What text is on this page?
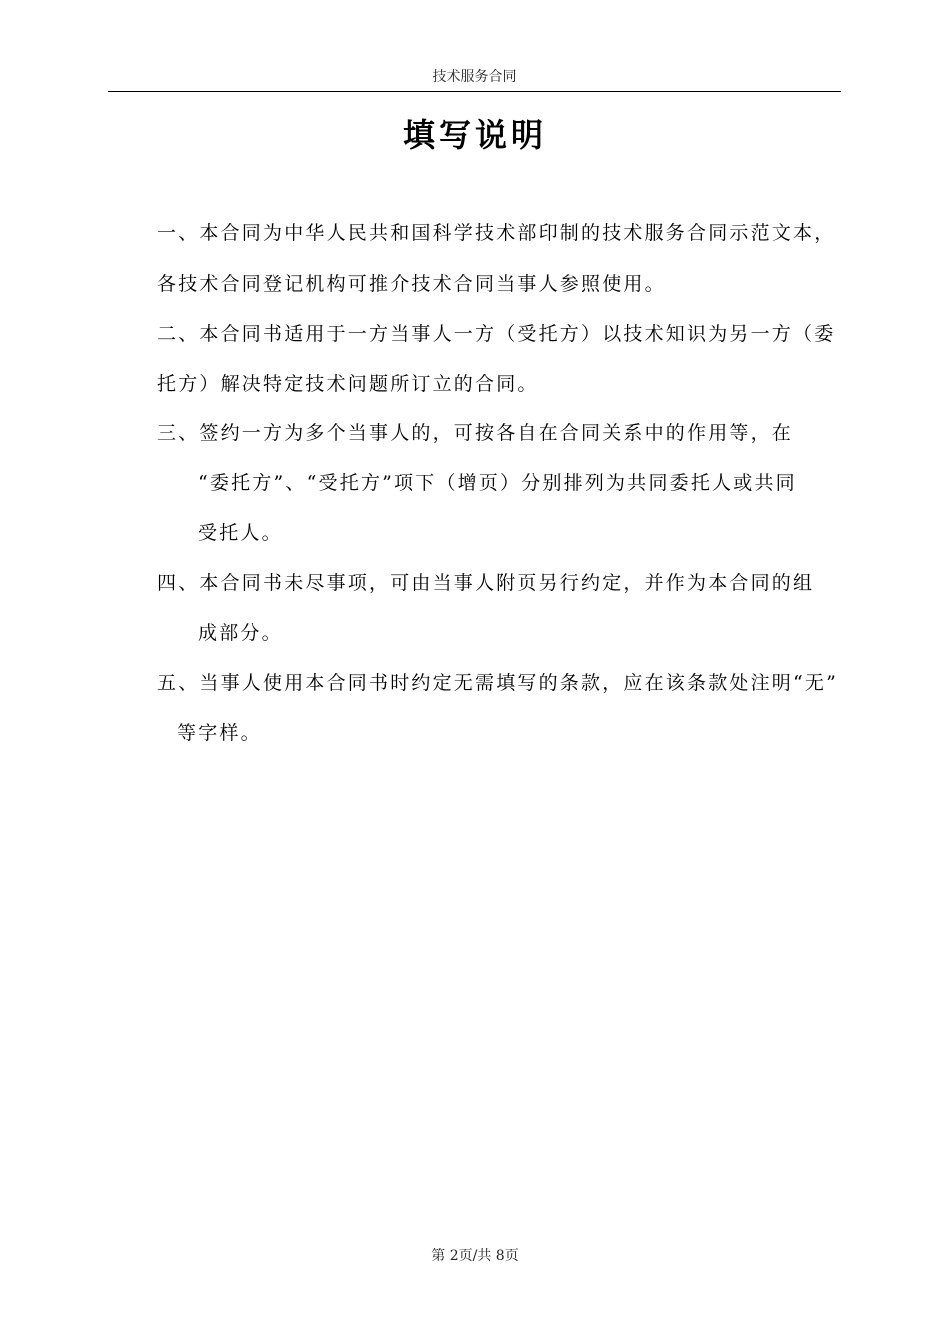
技术服务合同
填写说明
一、本合同为中华人民共和国科学技术部印制的技术服务合同示范文本，
各技术合同登记机构可推介技术合同当事人参照使用。
二、本合同书适用于一方当事人一方（受托方）以技术知识为另一方（委
托方）解决特定技术问题所订立的合同。
三、签约一方为多个当事人的，可按各自在合同关系中的作用等，在
“委托方”、“受托方”项下（增页）分别排列为共同委托人或共同
受托人。
四、本合同书未尽事项，可由当事人附页另行约定，并作为本合同的组
成部分。
五、当事人使用本合同书时约定无需填写的条款，应在该条款处注明“无”
等字样。
第 2页/共 8页
